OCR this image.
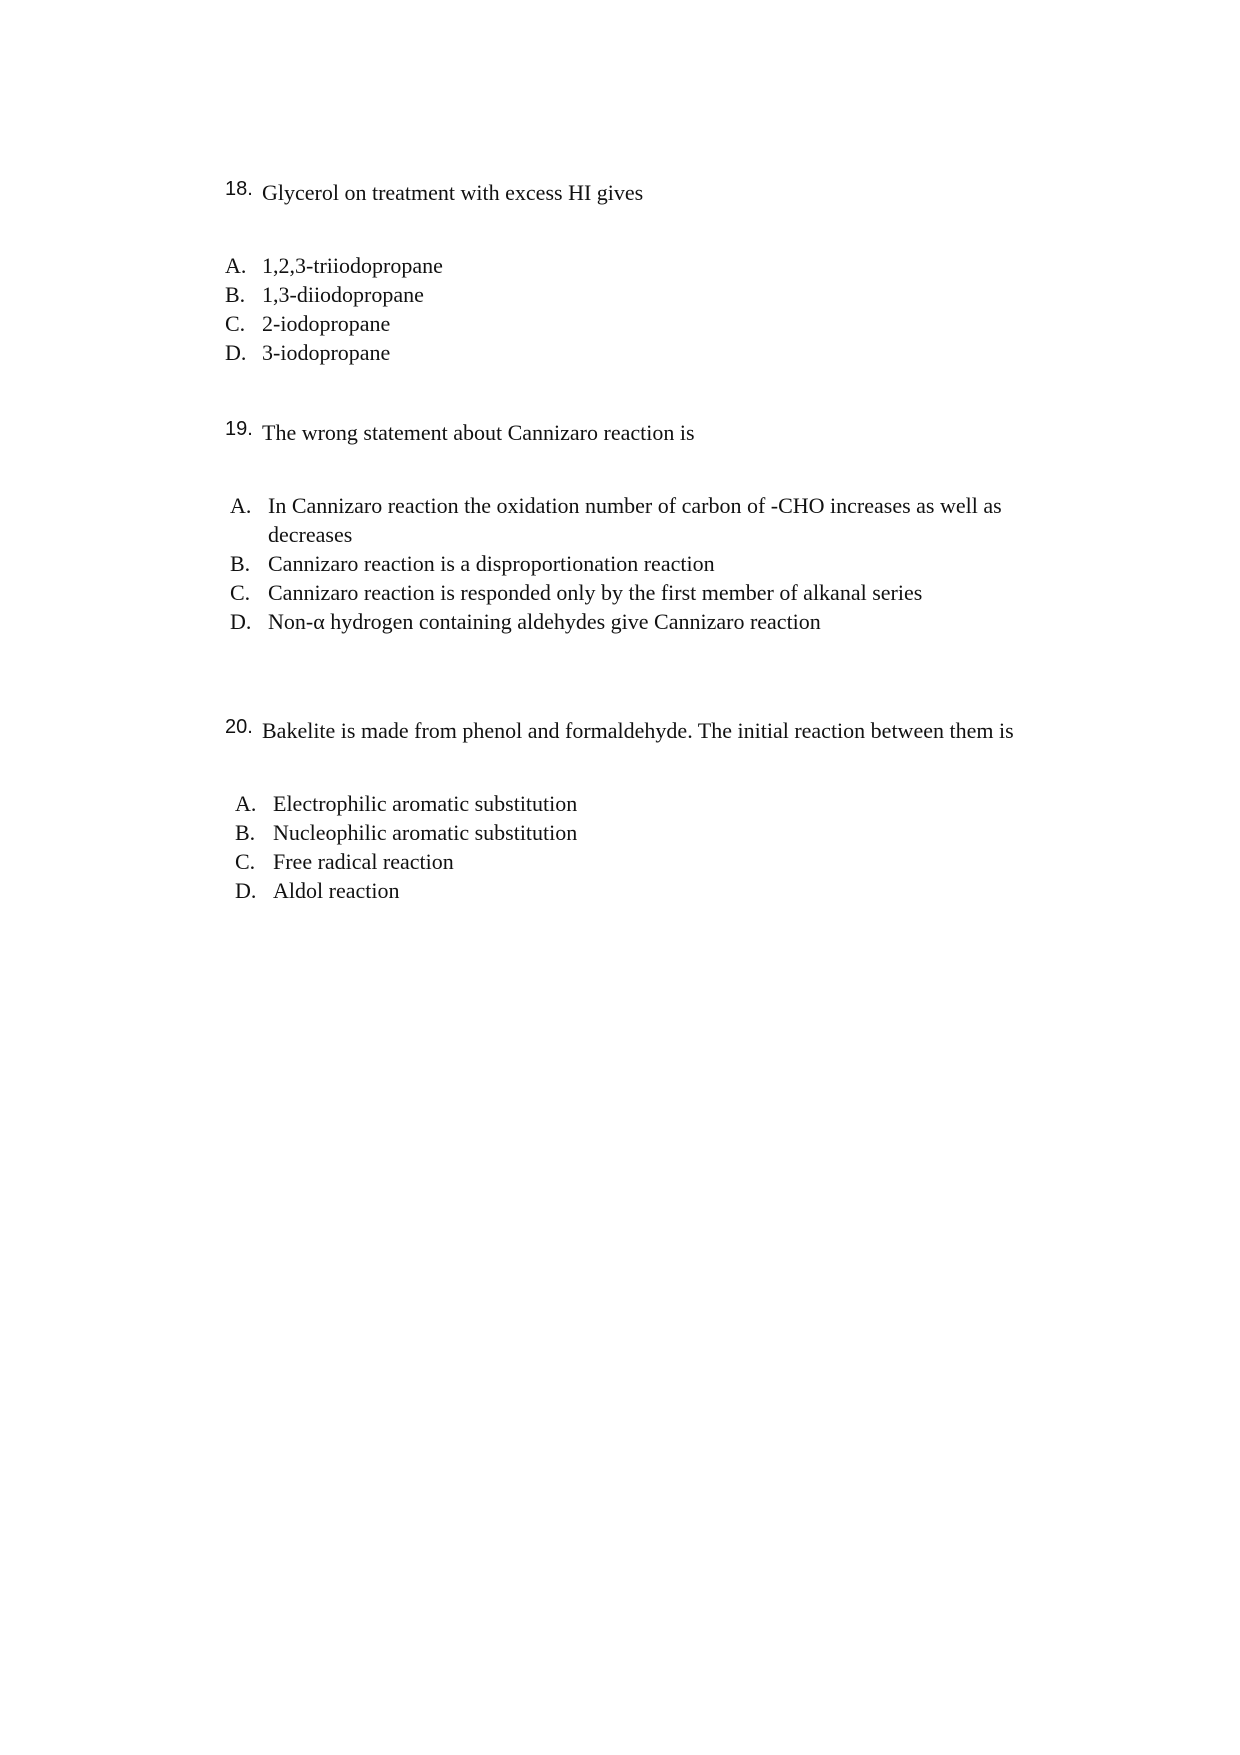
18. Glycerol on treatment with excess HI gives
A. 1,2,3-triiodopropane
B. 1,3-diiodopropane
C. 2-iodopropane
D. 3-iodopropane
19. The wrong statement about Cannizaro reaction is
A. In Cannizaro reaction the oxidation number of carbon of -CHO increases as well as decreases
B. Cannizaro reaction is a disproportionation reaction
C. Cannizaro reaction is responded only by the first member of alkanal series
D. Non-α hydrogen containing aldehydes give Cannizaro reaction
20. Bakelite is made from phenol and formaldehyde. The initial reaction between them is
A. Electrophilic aromatic substitution
B. Nucleophilic aromatic substitution
C. Free radical reaction
D. Aldol reaction
